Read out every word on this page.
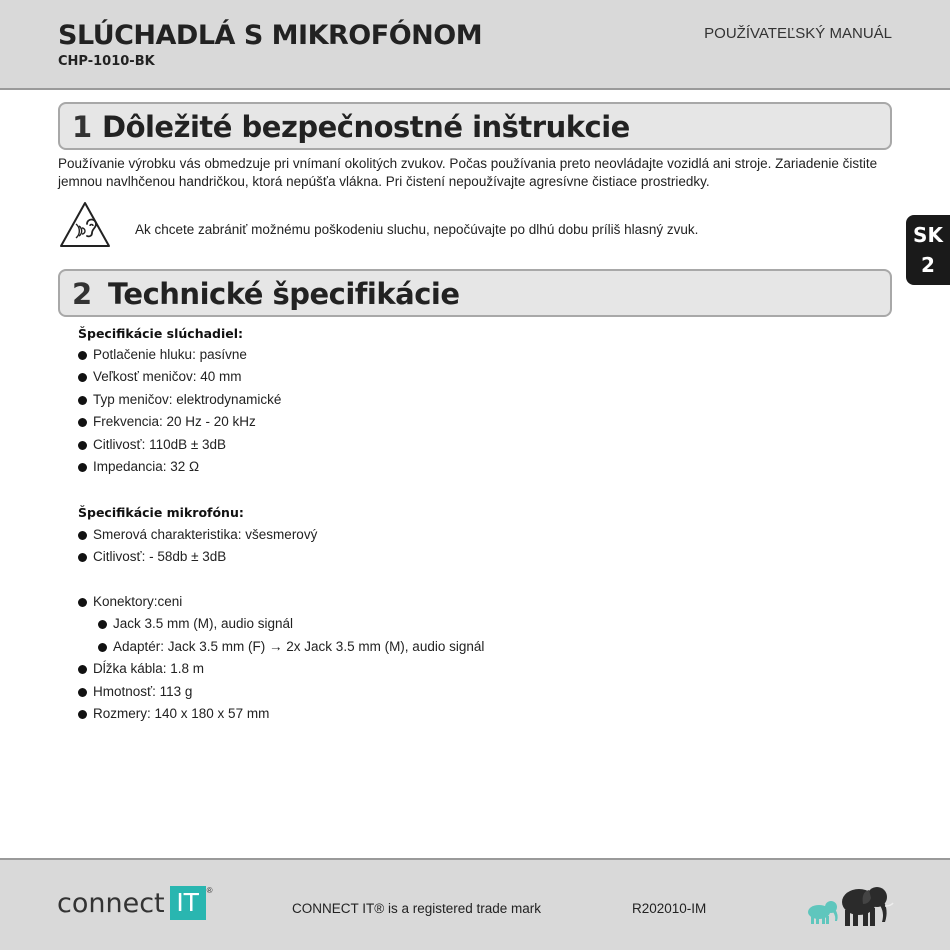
SLÚCHADLÁ S MIKROFÓNOM
CHP-1010-BK
POUŽÍVATEĽSKÝ MANUÁL
1 Dôležité bezpečnostné inštrukcie

Používanie výrobku vás obmedzuje pri vnímaní okolitých zvukov. Počas používania preto neovládajte vozidlá ani stroje. Zariadenie čistite jemnou navlhčenou handričkou, ktorá nepúšťa vlákna. Pri čistení nepoužívajte agresívne čistiace prostriedky.

Ak chcete zabrániť možnému poškodeniu sluchu, nepočúvajte po dlhú dobu príliš hlasný zvuk.	SK
2
2 Technické špecifikácie
Špecifikácie slúchadiel:
Potlačenie hluku: pasívne
Veľkosť meničov: 40 mm
Typ meničov: elektrodynamické
Frekvencia: 20 Hz - 20 kHz
Citlivosť: 110dB ± 3dB
Impedancia: 32 Ω
Špecifikácie mikrofónu:
Smerová charakteristika: všesmerový
Citlivosť: - 58db ± 3dB
Konektory:ceni
Jack 3.5 mm (M), audio signál
Adaptér: Jack 3.5 mm (F) → 2x Jack 3.5 mm (M), audio signál
Dĺžka kábla: 1.8 m
Hmotnosť: 113 g
Rozmery: 140 x 180 x 57 mm
connect IT ®
CONNECT IT® is a registered trade mark	R202010-IM
